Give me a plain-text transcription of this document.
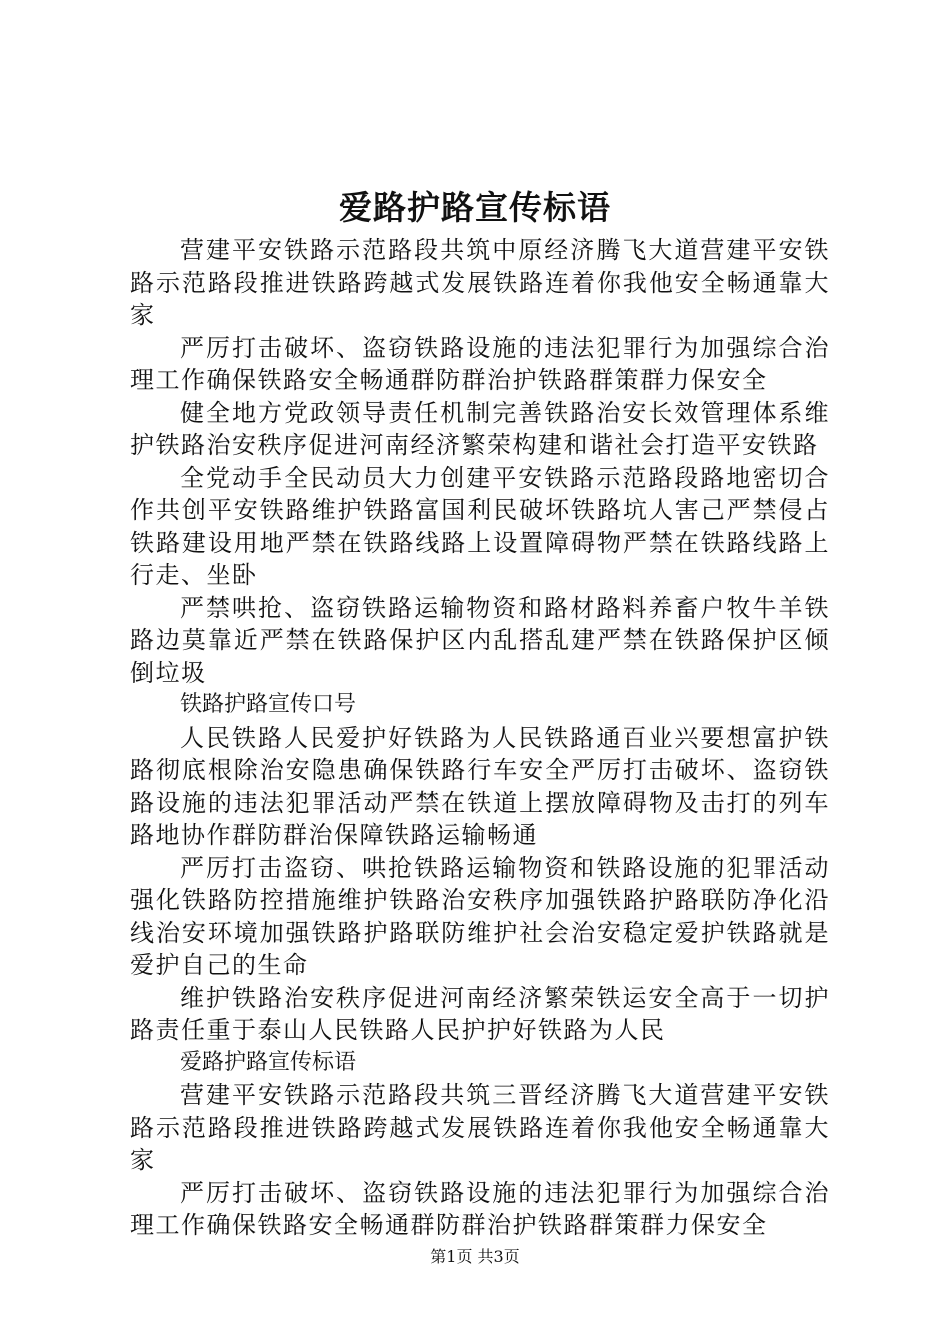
爱路护路宣传标语

营建平安铁路示范路段共筑中原经济腾飞大道营建平安铁路示范路段推进铁路跨越式发展铁路连着你我他安全畅通靠大家

严厉打击破坏、盗窃铁路设施的违法犯罪行为加强综合治理工作确保铁路安全畅通群防群治护铁路群策群力保安全

健全地方党政领导责任机制完善铁路治安长效管理体系维护铁路治安秩序促进河南经济繁荣构建和谐社会打造平安铁路

全党动手全民动员大力创建平安铁路示范路段路地密切合作共创平安铁路维护铁路富国利民破坏铁路坑人害己严禁侵占铁路建设用地严禁在铁路线路上设置障碍物严禁在铁路线路上行走、坐卧

严禁哄抢、盗窃铁路运输物资和路材路料养畜户牧牛羊铁路边莫靠近严禁在铁路保护区内乱搭乱建严禁在铁路保护区倾倒垃圾

铁路护路宣传口号

人民铁路人民爱护好铁路为人民铁路通百业兴要想富护铁路彻底根除治安隐患确保铁路行车安全严厉打击破坏、盗窃铁路设施的违法犯罪活动严禁在铁道上摆放障碍物及击打的列车路地协作群防群治保障铁路运输畅通

严厉打击盗窃、哄抢铁路运输物资和铁路设施的犯罪活动强化铁路防控措施维护铁路治安秩序加强铁路护路联防净化沿线治安环境加强铁路护路联防维护社会治安稳定爱护铁路就是爱护自己的生命

维护铁路治安秩序促进河南经济繁荣铁运安全高于一切护路责任重于泰山人民铁路人民护护好铁路为人民

爱路护路宣传标语

营建平安铁路示范路段共筑三晋经济腾飞大道营建平安铁路示范路段推进铁路跨越式发展铁路连着你我他安全畅通靠大家

严厉打击破坏、盗窃铁路设施的违法犯罪行为加强综合治理工作确保铁路安全畅通群防群治护铁路群策群力保安全

第1页 共3页
